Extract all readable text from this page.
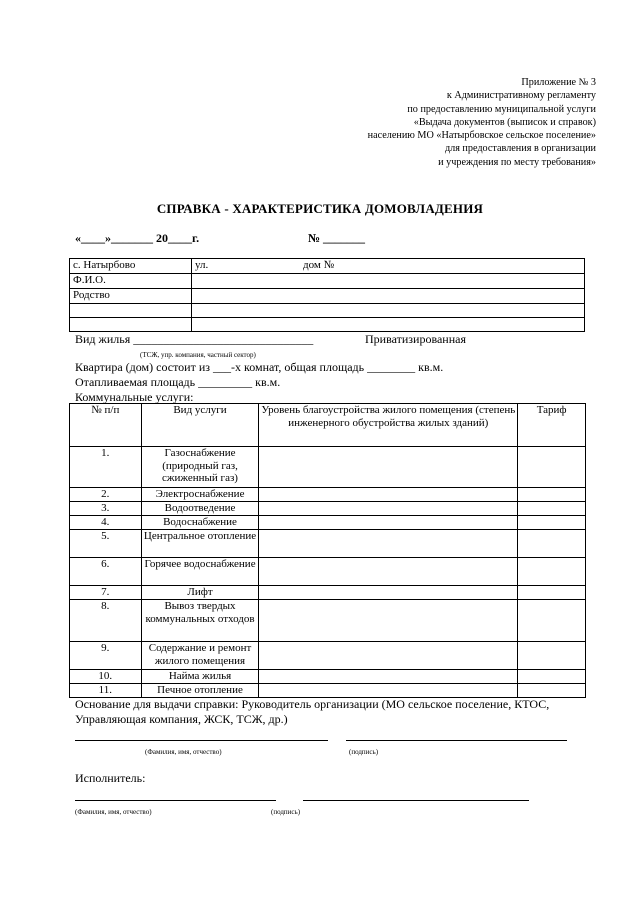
Приложение № 3
к Административному регламенту
по предоставлению муниципальной услуги
«Выдача документов (выписок и справок)
населению МО «Натырбовское сельское поселение»
для предоставления в организации
и учреждения по месту требования»
СПРАВКА - ХАРАКТЕРИСТИКА ДОМОВЛАДЕНИЯ
«____»_______ 20____г.	№ _______
с. Натырбово	ул. дом №
Ф.И.О.	
Родство	

Вид жилья ______________________________	Приватизированная
(ТСЖ, упр. компания, частный сектор)
Квартира (дом) состоит из ___-х комнат, общая площадь ________ кв.м.
Отапливаемая площадь _________ кв.м.
Коммунальные услуги:
№ п/п	Вид услуги	Уровень благоустройства жилого помещения (степень инженерного обустройства жилых зданий)	Тариф
1.	Газоснабжение (природный газ, сжиженный газ)		
2.	Электроснабжение		
3.	Водоотведение		
4.	Водоснабжение		
5.	Центральное отопление		
6.	Горячее водоснабжение		
7.	Лифт		
8.	Вывоз твердых коммунальных отходов		
9.	Содержание и ремонт жилого помещения		
10.	Найма жилья		
11.	Печное отопление		
Основание для выдачи справки: Руководитель организации (МО сельское поселение, КТОС,
Управляющая компания, ЖСК, ТСЖ, др.)
(Фамилия, имя, отчество)	(подпись)
Исполнитель:
(Фамилия, имя, отчество)	(подпись)
